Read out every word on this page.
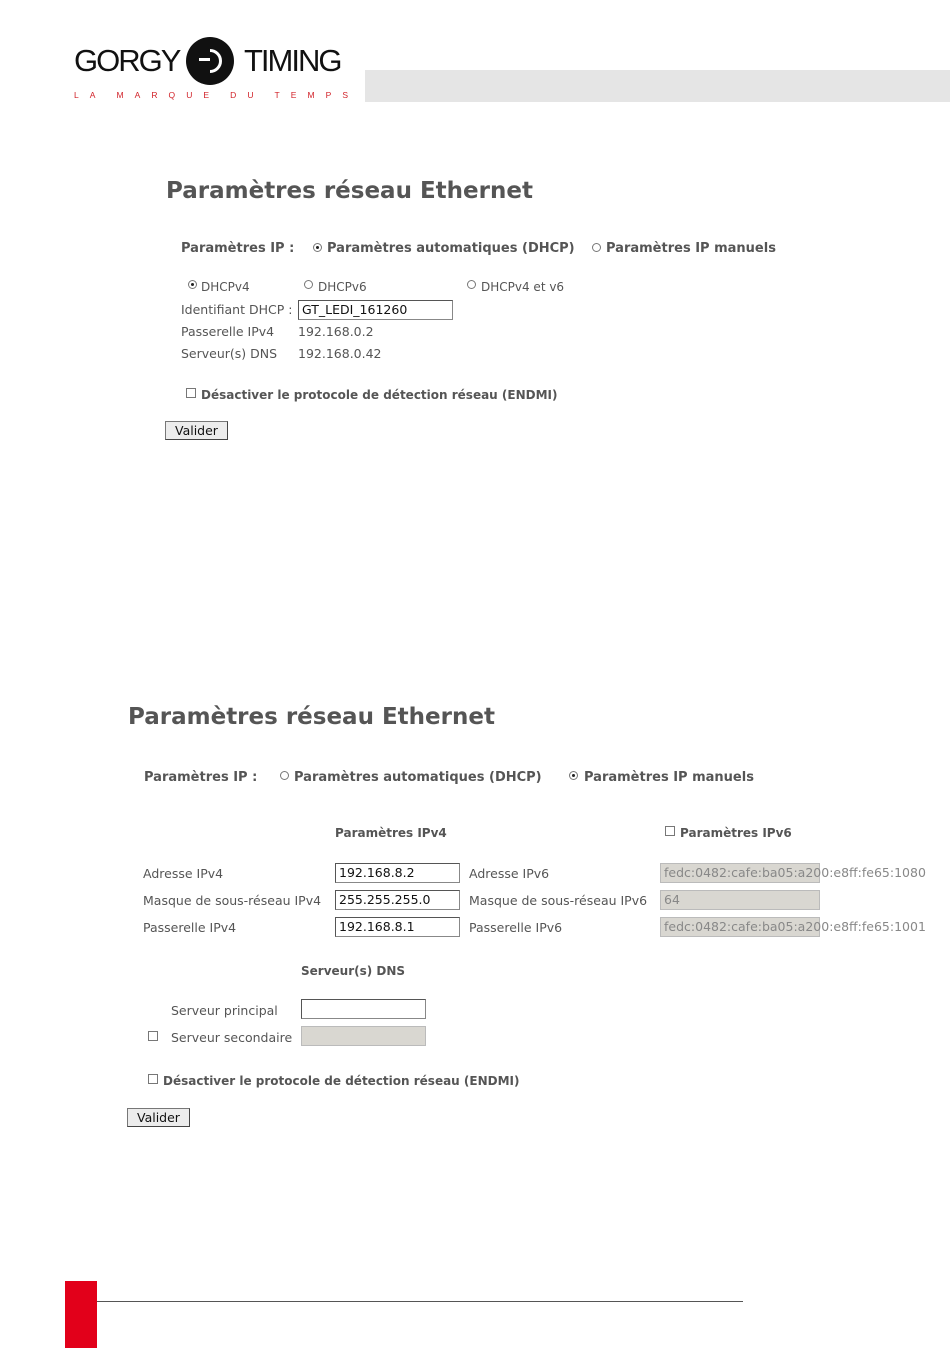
GORGY TIMING
L A M A R Q U E D U T E M P S
Paramètres réseau Ethernet
Paramètres IP :	Paramètres automatiques (DHCP) Paramètres IP manuels
DHCPv4	DHCPv6	DHCPv4 et v6
Identifiant DHCP : GT_LEDI_161260
Passerelle IPv4 192.168.0.2
Serveur(s) DNS 192.168.0.42
Désactiver le protocole de détection réseau (ENDMI)
Valider
Paramètres réseau Ethernet
Paramètres IP :	Paramètres automatiques (DHCP)	Paramètres IP manuels
Paramètres IPv4	Paramètres IPv6
Adresse IPv4	192.168.8.2	Adresse IPv6	fedc:0482:cafe:ba05:a200:e8ff:fe65:1080
Masque de sous-réseau IPv4	255.255.255.0	Masque de sous-réseau IPv6	64
Passerelle IPv4	192.168.8.1	Passerelle IPv6	fedc:0482:cafe:ba05:a200:e8ff:fe65:1001
Serveur(s) DNS
Serveur principal
Serveur secondaire
Désactiver le protocole de détection réseau (ENDMI)
Valider
